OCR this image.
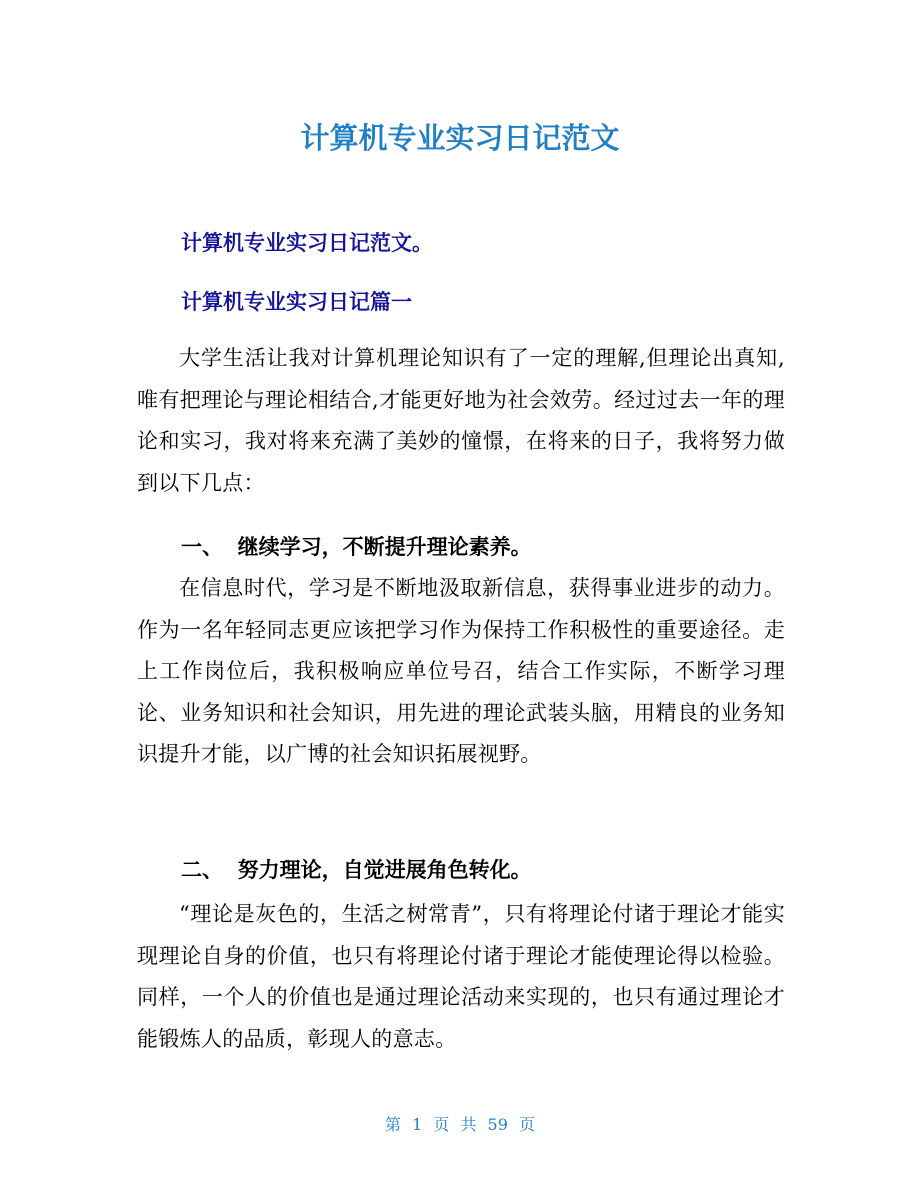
计算机专业实习日记范文
计算机专业实习日记范文。
计算机专业实习日记篇一

大学生活让我对计算机理论知识有了一定的理解,但理论出真知,唯有把理论与理论相结合,才能更好地为社会效劳。经过过去一年的理论和实习，我对将来充满了美妙的憧憬，在将来的日子，我将努力做到以下几点：

一、  继续学习，不断提升理论素养。

在信息时代，学习是不断地汲取新信息，获得事业进步的动力。作为一名年轻同志更应该把学习作为保持工作积极性的重要途径。走上工作岗位后，我积极响应单位号召，结合工作实际，不断学习理论、业务知识和社会知识，用先进的理论武装头脑，用精良的业务知识提升才能，以广博的社会知识拓展视野。

二、  努力理论，自觉进展角色转化。

“理论是灰色的，生活之树常青”，只有将理论付诸于理论才能实现理论自身的价值，也只有将理论付诸于理论才能使理论得以检验。同样，一个人的价值也是通过理论活动来实现的，也只有通过理论才能锻炼人的品质，彰现人的意志。

第 1 页 共 59 页
